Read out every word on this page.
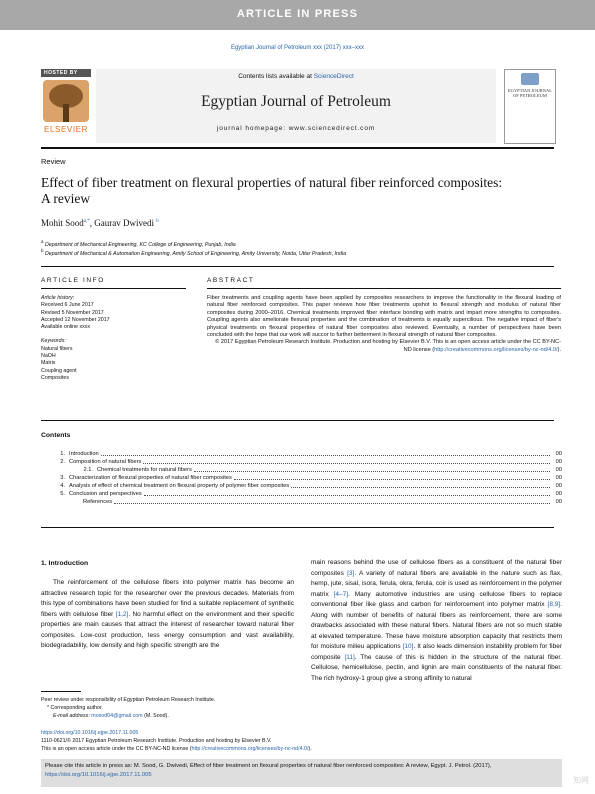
ARTICLE IN PRESS
Egyptian Journal of Petroleum xxx (2017) xxx–xxx
HOSTED BY
ELSEVIER
Contents lists available at ScienceDirect
Egyptian Journal of Petroleum
journal homepage: www.sciencedirect.com
EGYPTIAN JOURNAL OF PETROLEUM
Review
Effect of fiber treatment on flexural properties of natural fiber reinforced composites: A review
Mohit Sood$^{a,*}$, Gaurav Dwivedi $^b$
$^a$ Department of Mechanical Engineering, KC College of Engineering, Punjab, India
$^b$ Department of Mechanical & Automation Engineering, Amity School of Engineering, Amity University, Noida, Uttar Pradesh, India
ARTICLE INFO	ABSTRACT
Article history:
Received 6 June 2017
Revised 5 November 2017
Accepted 12 November 2017
Available online xxxx
Keywords:
Natural fibers
NaOH
Matrix
Coupling agent
Composites
Fiber treatments and coupling agents have been applied by composites researchers to improve the functionality in the flexural loading of natural fiber reinforced composites. This paper reviews how fiber treatments upshot to flexural strength and modulus of natural fiber composites during 2000–2016. Chemical treatments improved fiber interface bonding with matrix and impart more strengths to composites. Coupling agents also ameliorate flexural properties and the combination of treatments is equally supercilious. The negative impact of fiber's physical treatments on flexural properties of natural fiber composites also reviewed. Eventually, a number of perspectives have been concluded with the hope that our work will succor to further betterment in flexural strength of natural fiber composites.
© 2017 Egyptian Petroleum Research Institute. Production and hosting by Elsevier B.V. This is an open access article under the CC BY-NC-ND license (http://creativecommons.org/licenses/by-nc-nd/4.0/).
Contents
1. Introduction	00
2. Composition of natural fibers	00
2.1. Chemical treatments for natural fibers	00
3. Characterization of flexural properties of natural fiber composites	00
4. Analysis of effect of chemical treatment on flexural property of polymer fiber composites	00
5. Conclusion and perspectives	00
References	00
1. Introduction
The reinforcement of the cellulose fibers into polymer matrix has become an attractive research topic for the researcher over the previous decades. Materials from this type of combinations have been studied for find a suitable replacement of synthetic fibers with cellulose fiber [1,2]. No harmful effect on the environment and their specific properties are main causes that attract the interest of researcher toward natural fiber composites. Low-cost production, less energy consumption and vast availability, biodegradability, low density and high specific strength are the
main reasons behind the use of cellulose fibers as a constituent of the natural fiber composites [3]. A variety of natural fibers are available in the nature such as flax, hemp, jute, sisal, isora, ferula, okra, ferula, coir is used as reinforcement in the polymer matrix [4–7]. Many automotive industries are using cellulose fibers to replace conventional fiber like glass and carbon for reinforcement into polymer matrix [8,9]. Along with number of benefits of natural fibers as reinforcement, there are some drawbacks associated with these natural fibers. Natural fibers are not so much stable at elevated temperature. These have moisture absorption capacity that restricts them for moisture milieu applications [10]. It also leads dimension instability problem for fiber composite [11]. The cause of this is hidden in the structure of the natural fiber. Cellulose, hemicellulose, pectin, and lignin are main constituents of the natural fiber. The rich hydroxy-1 group give a strong affinity to natural
Peer review under responsibility of Egyptian Petroleum Research Institute.
* Corresponding author.
E-mail address: mosod04@gmail.com (M. Sood).
https://doi.org/10.1016/j.ejpe.2017.11.005
1110-0621/© 2017 Egyptian Petroleum Research Institute. Production and hosting by Elsevier B.V.
This is an open access article under the CC BY-NC-ND license (http://creativecommons.org/licenses/by-nc-nd/4.0/).
Please cite this article in press as: M. Sood, G. Dwivedi, Effect of fiber treatment on flexural properties of natural fiber reinforced composites: A review, Egypt. J. Petrol. (2017), https://doi.org/10.1016/j.ejpe.2017.11.005
知网
